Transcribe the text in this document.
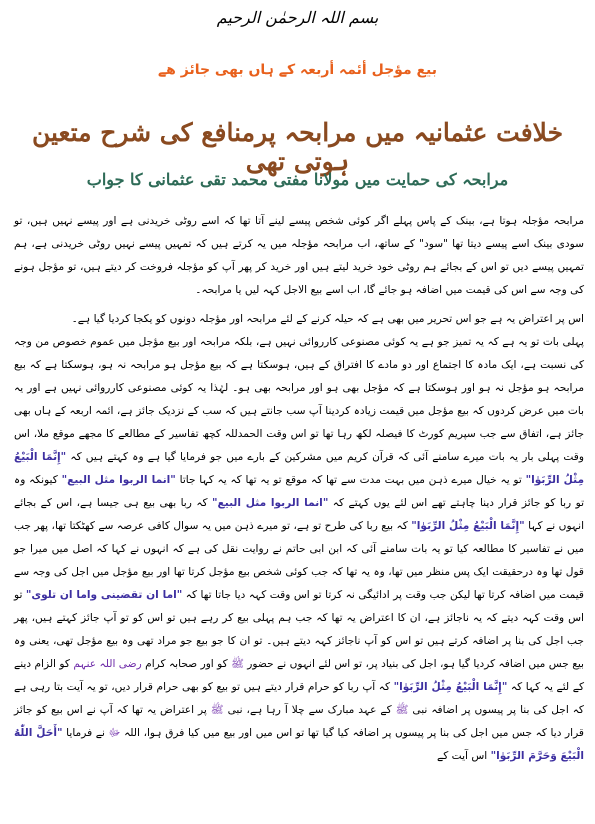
بسم اللہ الرحمٰن الرحیم
بیع مؤجل أئمہ أربعہ کے ہاں بھی جائز ھے
خلافت عثمانیہ میں مرابحہ پرمنافع کی شرح متعین ہوتی تھی
مرابحہ کی حمایت میں مولانا مفتی محمد تقی عثمانی کا جواب

مرابحہ مؤجلہ ہوتا ہے، بینک کے پاس پہلے اگر کوئی شخص پیسے لینے آتا تھا کہ اسے روٹی خریدنی ہے اور پیسے نہیں ہیں، تو سودی بینک اسے پیسے دیتا تھا "سود" کے ساتھ، اب مرابحہ مؤجلہ میں یہ کرتے ہیں کہ تمہیں پیسے نہیں روٹی خریدنی ہے، ہم تمہیں پیسے دیں تو اس کے بجائے ہم روٹی خود خرید لیتے ہیں اور خرید کر پھر آپ کو مؤجلہ فروخت کر دیتے ہیں، تو مؤجل ہونے کی وجہ سے اس کی قیمت میں اضافہ ہو جائے گا، اب اسے بیع الاجل کہہ لیں یا مرابحہ۔

اس پر اعتراض یہ ہے جو اس تحریر میں بھی ہے کہ حیلہ کرنے کے لئے مرابحہ اور مؤجلہ دونوں کو یکجا کردیا گیا ہے۔

پہلی بات تو یہ ہے کہ یہ تمیز جو ہے یہ کوئی مصنوعی کارروائی نہیں ہے، بلکہ مرابحہ اور بیع مؤجل میں عموم خصوص من وجہ کی نسبت ہے، ایک مادہ کا اجتماع اور دو مادے کا افتراق کے ہیں، ہوسکتا ہے کہ بیع مؤجل ہو مرابحہ نہ ہو، ہوسکتا ہے کہ بیع مرابحہ ہو مؤجل نہ ہو اور ہوسکتا ہے کہ مؤجل بھی ہو اور مرابحہ بھی ہو۔ لہٰذا یہ کوئی مصنوعی کارروائی نہیں ہے اور یہ بات میں عرض کردوں کہ بیع مؤجل میں قیمت زیادہ کردینا آپ سب جانتے ہیں کہ سب کے نزدیک جائز ہے، ائمہ اربعہ کے ہاں بھی جائز ہے، اتفاق سے جب سپریم کورٹ کا فیصلہ لکھ رہا تھا تو اس وقت الحمدللہ کچھ تفاسیر کے مطالعے کا مجھے موقع ملا، اس وقت پہلی بار یہ بات میرے سامنے آئی کہ قرآن کریم میں مشرکین کے بارے میں جو فرمایا گیا ہے وہ کہتے ہیں کہ "إِنَّمَا الْبَيْعُ مِثْلُ الرِّبَوٰا" تو یہ خیال میرے ذہن میں بہت مدت سے تھا کہ موقع تو یہ تھا کہ یہ کہا جاتا "انما الربوا مثل البیع" کیونکہ وہ تو ربا کو جائز قرار دینا چاہتے تھے اس لئے یوں کہتے کہ "انما الربوا مثل البیع" کہ ربا بھی بیع ہی جیسا ہے، اس کے بجائے انہوں نے کہا "إِنَّمَا الْبَيْعُ مِثْلُ الرِّبَوٰا" کہ بیع ربا کی طرح تو ہے، تو میرے ذہن میں یہ سوال کافی عرصہ سے کھٹکتا تھا، پھر جب میں نے تفاسیر کا مطالعہ کیا تو یہ بات سامنے آئی کہ ابن ابی حاتم نے روایت نقل کی ہے کہ انہوں نے کہا کہ اصل میں میرا جو قول تھا وہ درحقیقت ایک پس منظر میں تھا، وہ یہ تھا کہ جب کوئی شخص بیع مؤجل کرتا تھا اور بیع مؤجل میں اجل کی وجہ سے قیمت میں اضافہ کرتا تھا لیکن جب وقت پر ادائیگی نہ کرتا تو اس وقت کہہ دیا جاتا تھا کہ "اما ان تقضینی واما ان تلوی" تو اس وقت کہہ دیتے کہ یہ ناجائز ہے، ان کا اعتراض یہ تھا کہ جب ہم پہلی بیع کر رہے ہیں تو اس کو تو آپ جائز کہتے ہیں، پھر جب اجل کی بنا پر اضافہ کرتے ہیں تو اس کو آپ ناجائز کہہ دیتے ہیں۔ تو ان کا جو بیع جو مراد تھی وہ بیع مؤجل تھی، یعنی وہ بیع جس میں اضافہ کردیا گیا ہو، اجل کی بنیاد پر، تو اس لئے انہوں نے حضور ﷺ کو اور صحابہ کرام رضی اللہ عنہم کو الزام دینے کے لئے یہ کہا کہ "إِنَّمَا الْبَيْعُ مِثْلُ الرِّبَوٰا" کہ آپ ربا کو حرام قرار دیتے ہیں تو بیع کو بھی حرام قرار دیں، تو یہ آیت بتا رہی ہے کہ اجل کی بنا پر پیسوں پر اضافہ نبی ﷺ کے عہد مبارک سے چلا آ رہا ہے، نبی ﷺ پر اعتراض یہ تھا کہ آپ نے اس بیع کو جائز قرار دیا کہ جس میں اجل کی بنا پر پیسوں پر اضافہ کیا گیا تھا تو اس میں اور بیع میں کیا فرق ہوا، اللہ ﷻ نے فرمایا "أَحَلَّ اللّٰهُ الْبَيْعَ وَحَرَّمَ الرِّبَوٰا" اس آیت کے
